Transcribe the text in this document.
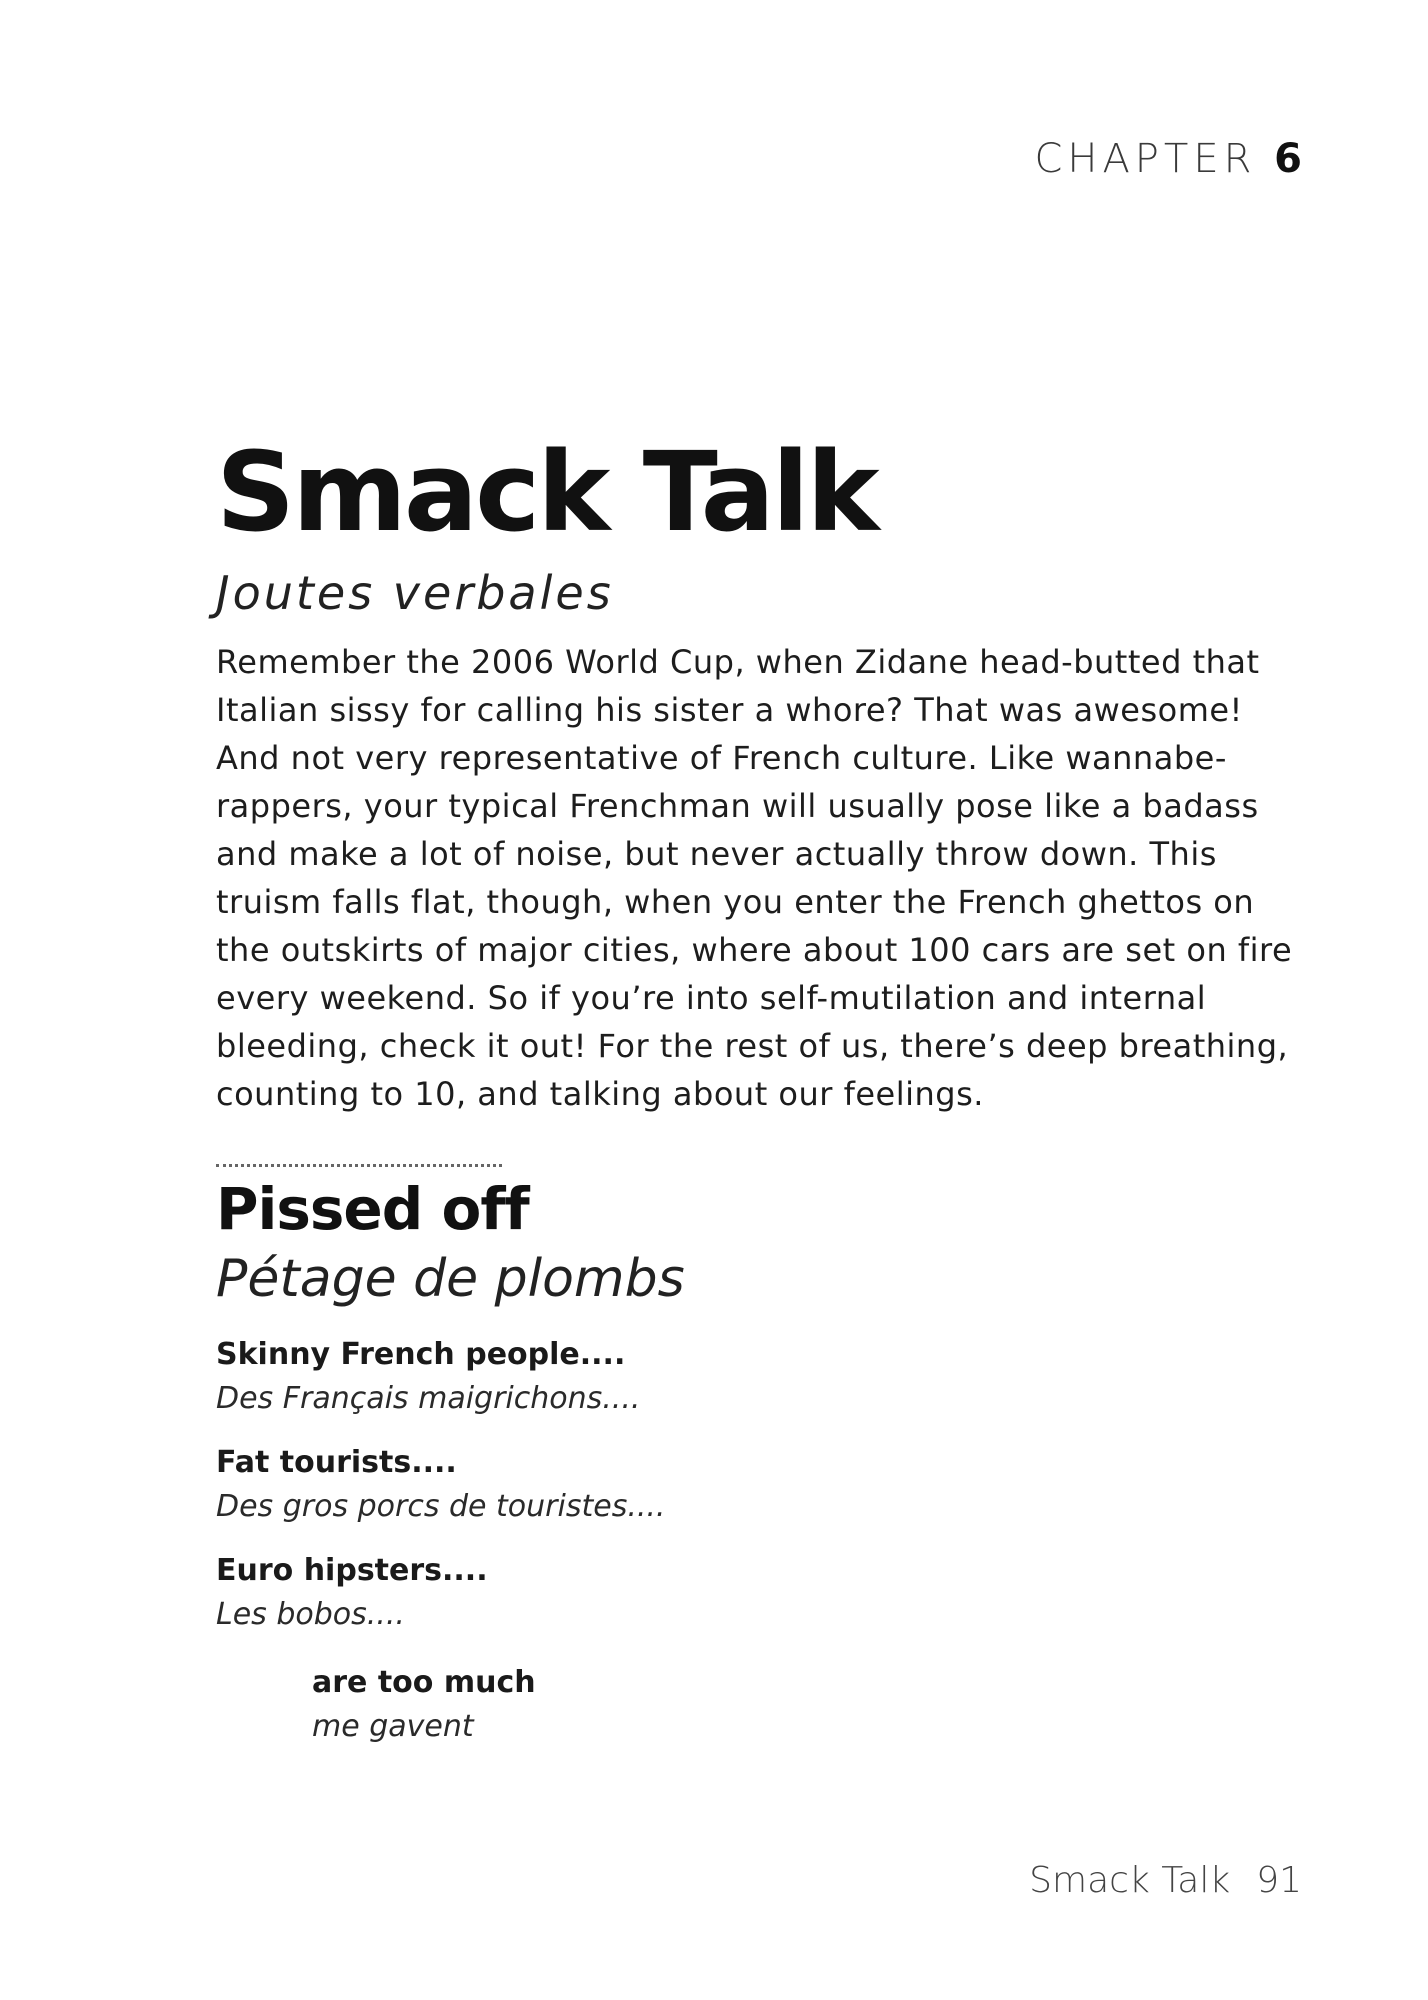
CHAPTER 6
Smack Talk
Joutes verbales

Remember the 2006 World Cup, when Zidane head-butted that Italian sissy for calling his sister a whore? That was awesome! And not very representative of French culture. Like wannabe-rappers, your typical Frenchman will usually pose like a badass and make a lot of noise, but never actually throw down. This truism falls flat, though, when you enter the French ghettos on the outskirts of major cities, where about 100 cars are set on fire every weekend. So if you’re into self-mutilation and internal bleeding, check it out! For the rest of us, there’s deep breathing, counting to 10, and talking about our feelings.

Pissed off
Pétage de plombs
Skinny French people....
Des Français maigrichons....
Fat tourists....
Des gros porcs de touristes....
Euro hipsters....
Les bobos....
are too much
me gavent
Smack Talk 91
